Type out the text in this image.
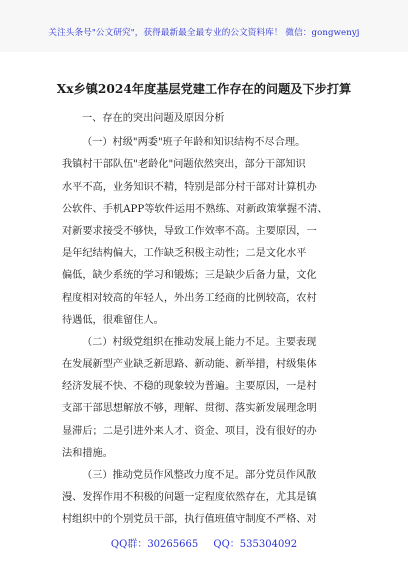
关注头条号"公文研究"，获得最新最全最专业的公文资料库！ 微信：gongwenyj
Xx乡镇2024年度基层党建工作存在的问题及下步打算
一、存在的突出问题及原因分析
（一）村级"两委"班子年龄和知识结构不尽合理。
我镇村干部队伍"老龄化"问题依然突出，部分干部知识
水平不高，业务知识不精，特别是部分村干部对计算机办
公软件、手机APP等软件运用不熟练、对新政策掌握不清、
对新要求接受不够快，导致工作效率不高。主要原因，一
是年纪结构偏大，工作缺乏积极主动性；二是文化水平
偏低，缺少系统的学习和锻炼；三是缺少后备力量，文化
程度相对较高的年轻人，外出务工经商的比例较高，农村
待遇低，很难留住人。
（二）村级党组织在推动发展上能力不足。主要表现
在发展新型产业缺乏新思路、新动能、新举措，村级集体
经济发展不快、不稳的现象较为普遍。主要原因，一是村
支部干部思想解放不够，理解、贯彻、落实新发展理念明
显滞后；二是引进外来人才、资金、项目，没有很好的办
法和措施。
（三）推动党员作风整改力度不足。部分党员作风散
漫、发挥作用不积极的问题一定程度依然存在，尤其是镇
村组织中的个别党员干部，执行值班值守制度不严格、对
QQ群：30265665 QQ：535304092
